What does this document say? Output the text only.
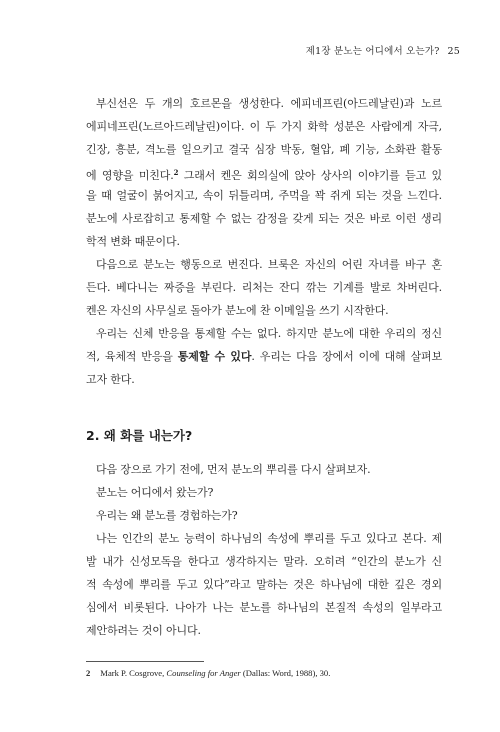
제1장 분노는 어디에서 오는가? 25
부신선은 두 개의 호르몬을 생성한다. 에피네프린(아드레날린)과 노르
에피네프린(노르아드레날린)이다. 이 두 가지 화학 성분은 사람에게 자극,
긴장, 흥분, 격노를 일으키고 결국 심장 박동, 혈압, 폐 기능, 소화관 활동
에 영향을 미친다.$^2$ 그래서 켄은 회의실에 앉아 상사의 이야기를 듣고 있
을 때 얼굴이 붉어지고, 속이 뒤틀리며, 주먹을 꽉 쥐게 되는 것을 느낀다.
분노에 사로잡히고 통제할 수 없는 감정을 갖게 되는 것은 바로 이런 생리
학적 변화 때문이다.
다음으로 분노는 행동으로 번진다. 브룩은 자신의 어린 자녀를 바구 혼
든다. 베다니는 짜증을 부린다. 리처는 잔디 깎는 기계를 발로 차버린다.
켄은 자신의 사무실로 돌아가 분노에 찬 이메일을 쓰기 시작한다.
우리는 신체 반응을 통제할 수는 없다. 하지만 분노에 대한 우리의 정신
적, 육체적 반응을 통제할 수 있다. 우리는 다음 장에서 이에 대해 살펴보
고자 한다.
2. 왜 화를 내는가?
다음 장으로 가기 전에, 먼저 분노의 뿌리를 다시 살펴보자.
분노는 어디에서 왔는가?
우리는 왜 분노를 경험하는가?
나는 인간의 분노 능력이 하나님의 속성에 뿌리를 두고 있다고 본다. 제
발 내가 신성모독을 한다고 생각하지는 말라. 오히려 “인간의 분노가 신
적 속성에 뿌리를 두고 있다”라고 말하는 것은 하나님에 대한 깊은 경외
심에서 비롯된다. 나아가 나는 분노를 하나님의 본질적 속성의 일부라고
제안하려는 것이 아니다.
2 Mark P. Cosgrove, Counseling for Anger (Dallas: Word, 1988), 30.
